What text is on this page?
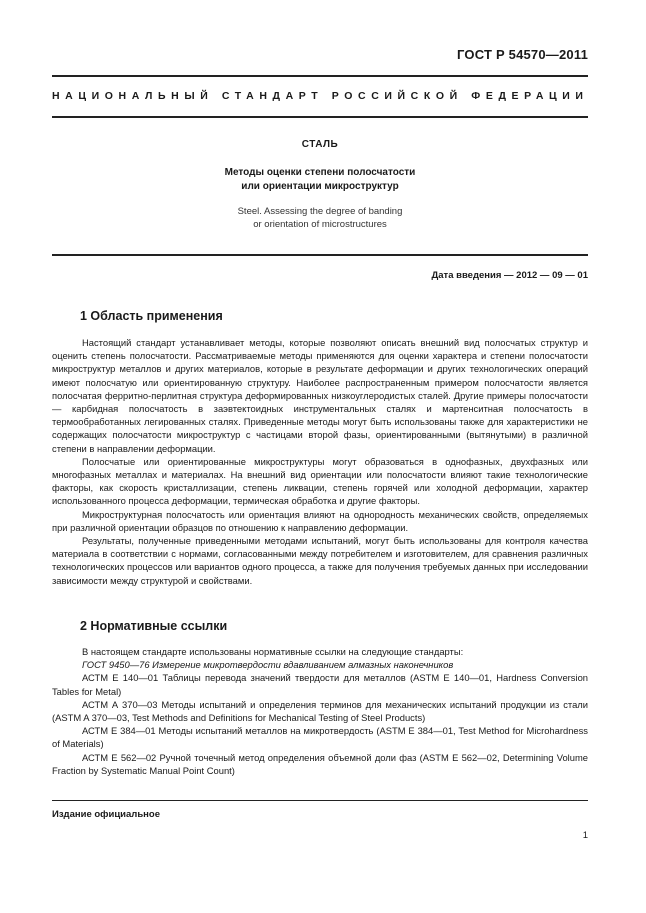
ГОСТ Р 54570—2011
НАЦИОНАЛЬНЫЙ СТАНДАРТ РОССИЙСКОЙ ФЕДЕРАЦИИ
СТАЛЬ
Методы оценки степени полосчатости
или ориентации микроструктур
Steel. Assessing the degree of banding
or orientation of microstructures
Дата введения — 2012 — 09 — 01
1 Область применения

Настоящий стандарт устанавливает методы, которые позволяют описать внешний вид полосчатых структур и оценить степень полосчатости. Рассматриваемые методы применяются для оценки характера и степени полосчатости микроструктур металлов и других материалов, которые в результате деформации и других технологических операций имеют полосчатую или ориентированную структуру. Наиболее распространенным примером полосчатости является полосчатая ферритно-перлитная структура деформированных низкоуглеродистых сталей. Другие примеры полосчатости — карбидная полосчатость в заэвтектоидных инструментальных сталях и мартенситная полосчатость в термообработанных легированных сталях. Приведенные методы могут быть использованы также для характеристики не содержащих полосчатости микроструктур с частицами второй фазы, ориентированными (вытянутыми) в различной степени в направлении деформации.

Полосчатые или ориентированные микроструктуры могут образоваться в однофазных, двухфазных или многофазных металлах и материалах. На внешний вид ориентации или полосчатости влияют такие технологические факторы, как скорость кристаллизации, степень ликвации, степень горячей или холодной деформации, характер использованного процесса деформации, термическая обработка и другие факторы.

Микроструктурная полосчатость или ориентация влияют на однородность механических свойств, определяемых при различной ориентации образцов по отношению к направлению деформации.

Результаты, полученные приведенными методами испытаний, могут быть использованы для контроля качества материала в соответствии с нормами, согласованными между потребителем и изготовителем, для сравнения различных технологических процессов или вариантов одного процесса, а также для получения требуемых данных при исследовании зависимости между структурой и свойствами.

2 Нормативные ссылки

В настоящем стандарте использованы нормативные ссылки на следующие стандарты:

ГОСТ 9450—76 Измерение микротвердости вдавливанием алмазных наконечников

АСТМ Е 140—01 Таблицы перевода значений твердости для металлов (ASTM E 140—01, Hardness Conversion Tables for Metal)

АСТМ А 370—03 Методы испытаний и определения терминов для механических испытаний продукции из стали (ASTM A 370—03, Test Methods and Definitions for Mechanical Testing of Steel Products)

АСТМ Е 384—01 Методы испытаний металлов на микротвердость (ASTM E 384—01, Test Method for Microhardness of Materials)

АСТМ Е 562—02 Ручной точечный метод определения объемной доли фаз (ASTM E 562—02, Determining Volume Fraction by Systematic Manual Point Count)

Издание официальное
1
